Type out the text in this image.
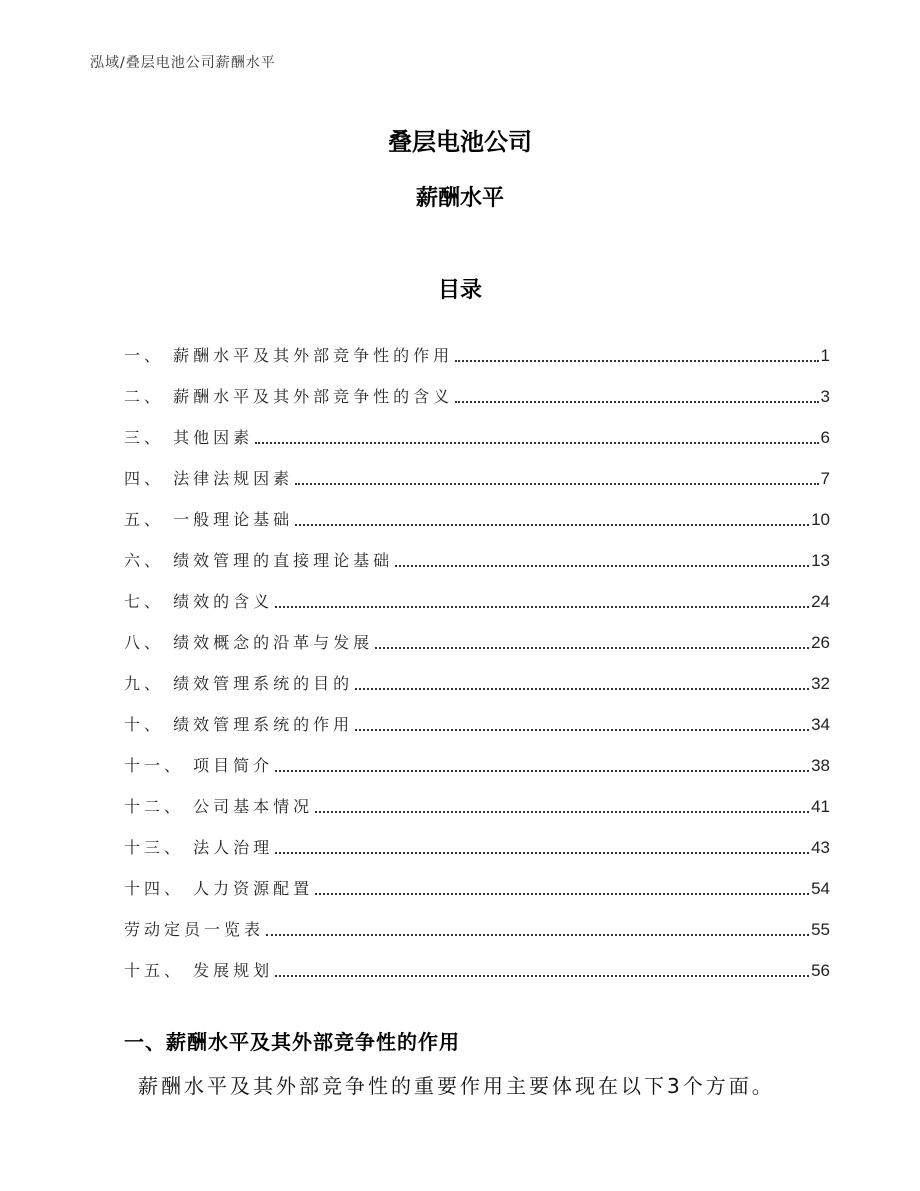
泓域/叠层电池公司薪酬水平
叠层电池公司
薪酬水平
目录
一、 薪酬水平及其外部竞争性的作用	1
二、 薪酬水平及其外部竞争性的含义	3
三、 其他因素	6
四、 法律法规因素	7
五、 一般理论基础	10
六、 绩效管理的直接理论基础	13
七、 绩效的含义	24
八、 绩效概念的沿革与发展	26
九、 绩效管理系统的目的	32
十、 绩效管理系统的作用	34
十一、 项目简介	38
十二、 公司基本情况	41
十三、 法人治理	43
十四、 人力资源配置	54
劳动定员一览表	55
十五、 发展规划	56
一、薪酬水平及其外部竞争性的作用
薪酬水平及其外部竞争性的重要作用主要体现在以下3个方面。
